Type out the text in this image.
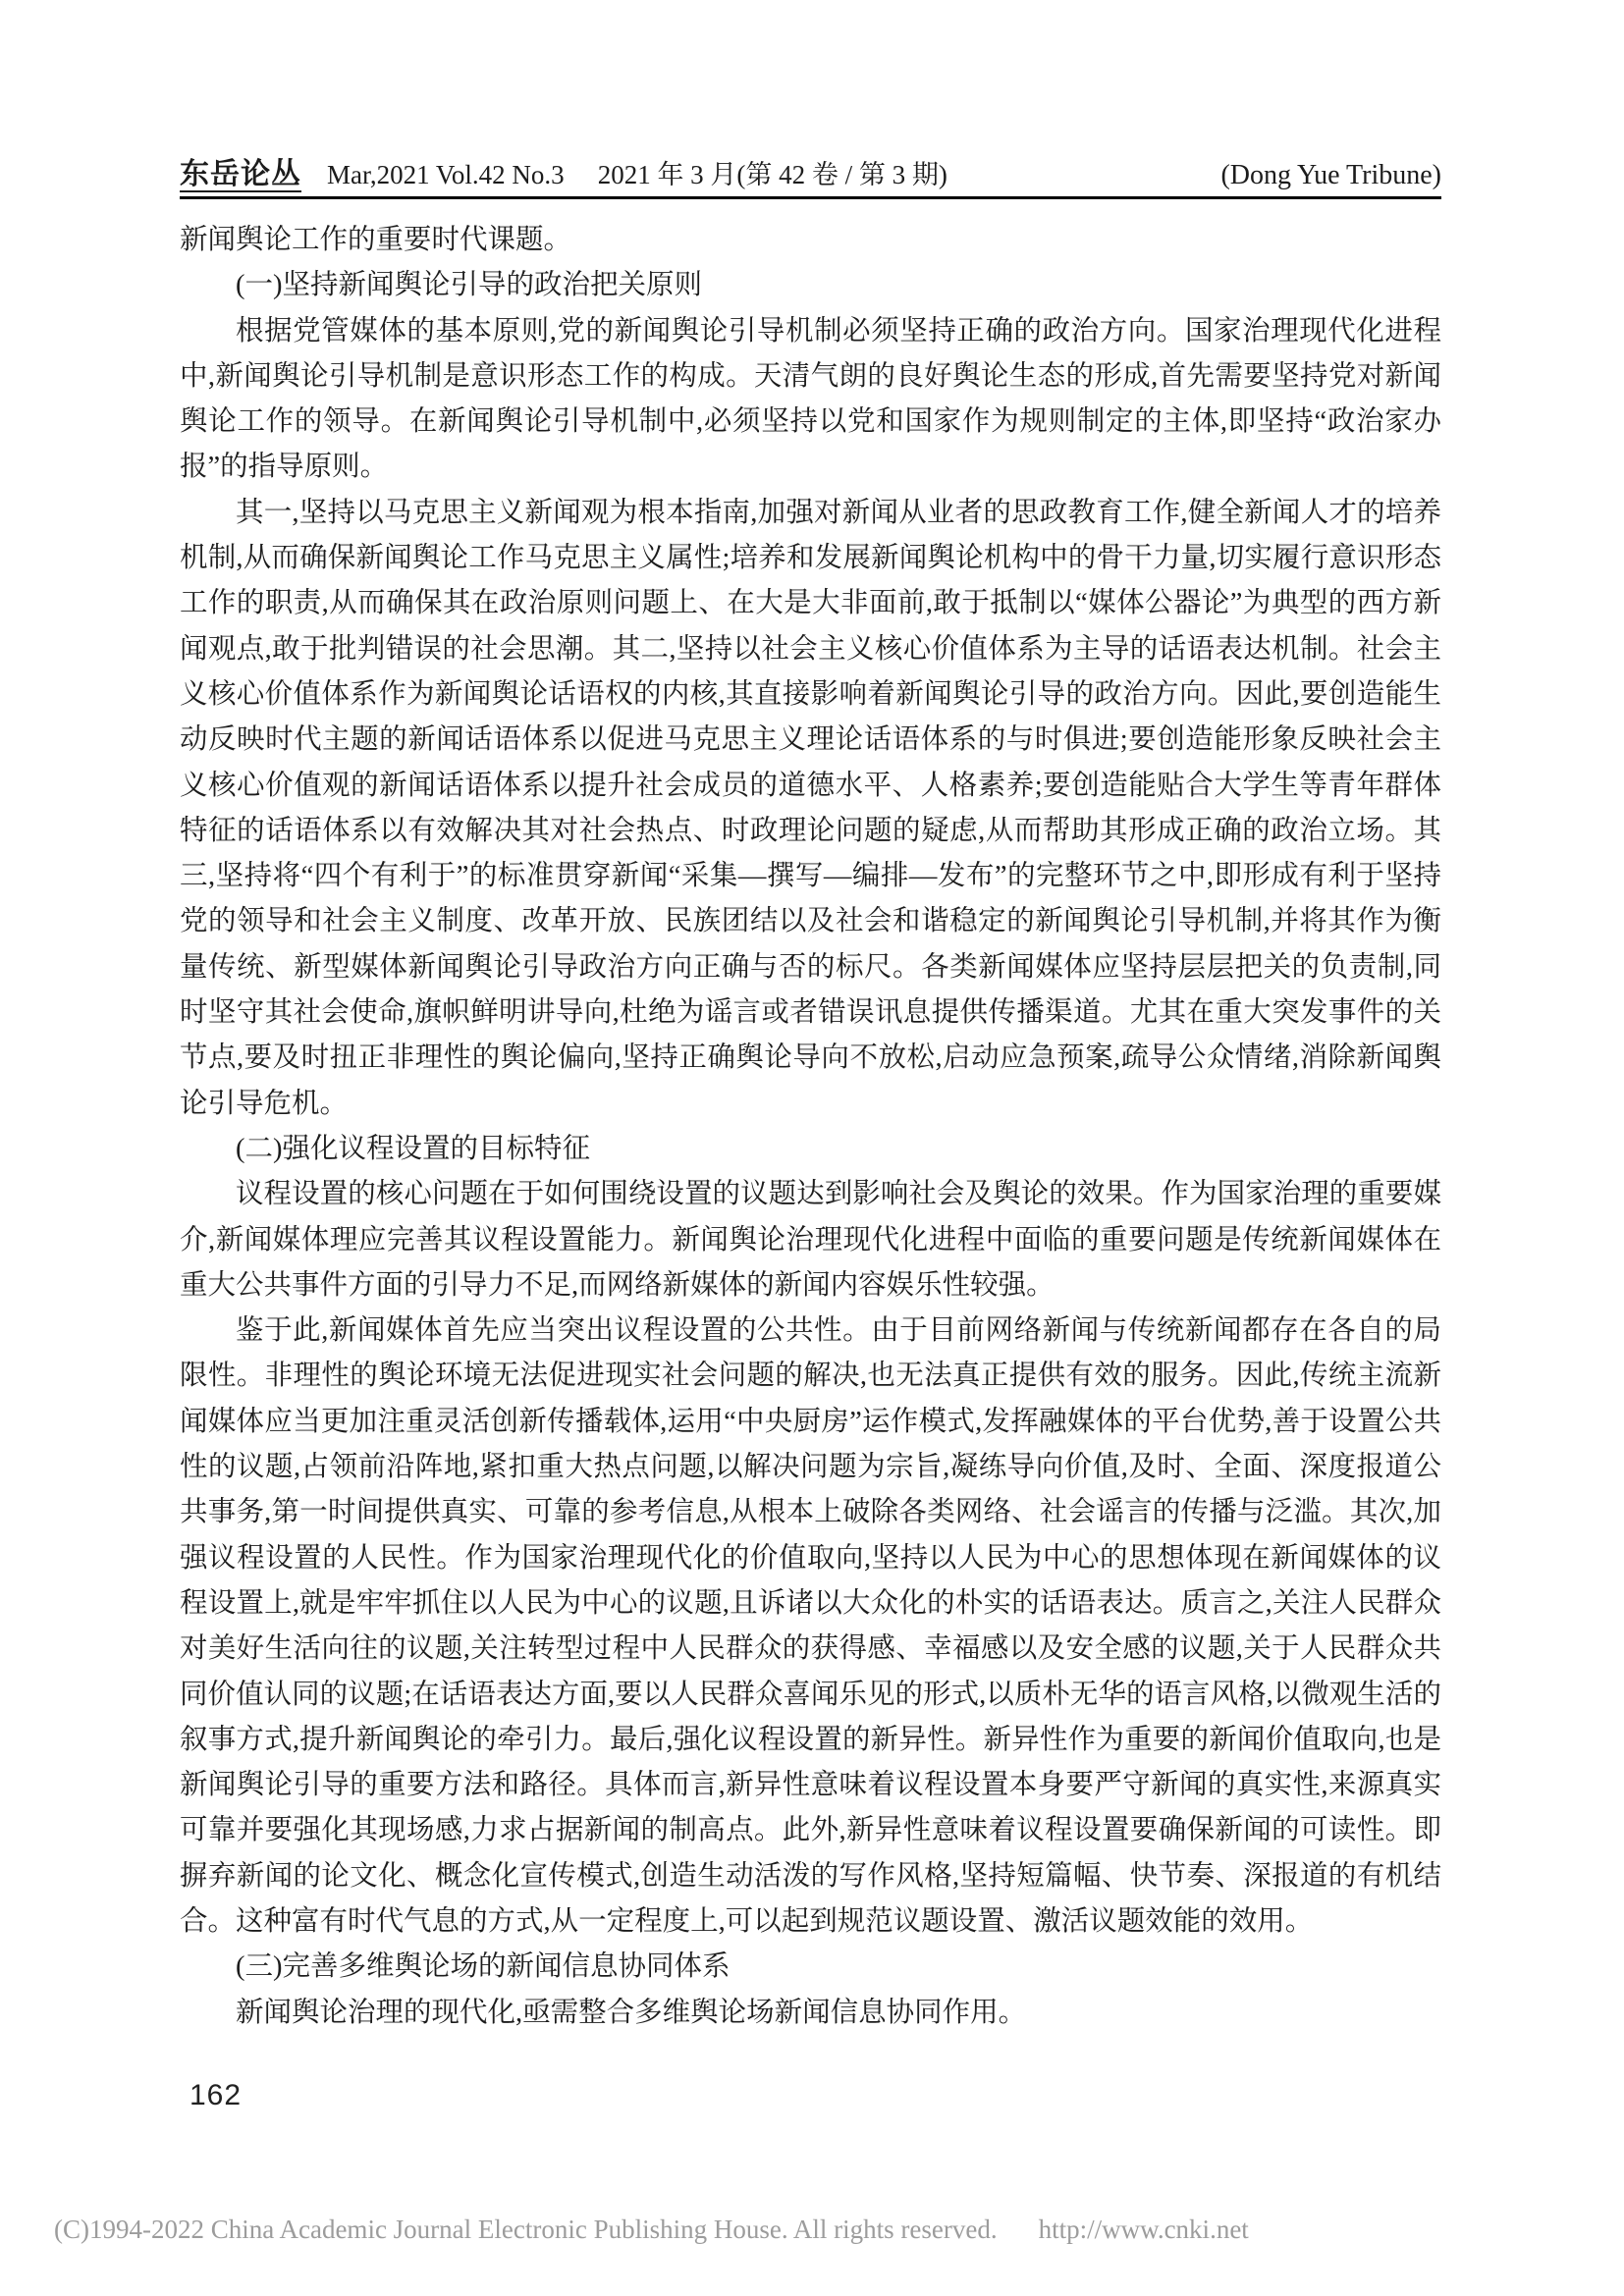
东岳论丛 Mar,2021 Vol.42 No.3 2021 年 3 月(第 42 卷 / 第 3 期)	(Dong Yue Tribune)

新闻舆论工作的重要时代课题。

(一)坚持新闻舆论引导的政治把关原则

根据党管媒体的基本原则,党的新闻舆论引导机制必须坚持正确的政治方向。国家治理现代化进程中,新闻舆论引导机制是意识形态工作的构成。天清气朗的良好舆论生态的形成,首先需要坚持党对新闻舆论工作的领导。在新闻舆论引导机制中,必须坚持以党和国家作为规则制定的主体,即坚持“政治家办报”的指导原则。

其一,坚持以马克思主义新闻观为根本指南,加强对新闻从业者的思政教育工作,健全新闻人才的培养机制,从而确保新闻舆论工作马克思主义属性;培养和发展新闻舆论机构中的骨干力量,切实履行意识形态工作的职责,从而确保其在政治原则问题上、在大是大非面前,敢于抵制以“媒体公器论”为典型的西方新闻观点,敢于批判错误的社会思潮。其二,坚持以社会主义核心价值体系为主导的话语表达机制。社会主义核心价值体系作为新闻舆论话语权的内核,其直接影响着新闻舆论引导的政治方向。因此,要创造能生动反映时代主题的新闻话语体系以促进马克思主义理论话语体系的与时俱进;要创造能形象反映社会主义核心价值观的新闻话语体系以提升社会成员的道德水平、人格素养;要创造能贴合大学生等青年群体特征的话语体系以有效解决其对社会热点、时政理论问题的疑虑,从而帮助其形成正确的政治立场。其三,坚持将“四个有利于”的标准贯穿新闻“采集—撰写—编排—发布”的完整环节之中,即形成有利于坚持党的领导和社会主义制度、改革开放、民族团结以及社会和谐稳定的新闻舆论引导机制,并将其作为衡量传统、新型媒体新闻舆论引导政治方向正确与否的标尺。各类新闻媒体应坚持层层把关的负责制,同时坚守其社会使命,旗帜鲜明讲导向,杜绝为谣言或者错误讯息提供传播渠道。尤其在重大突发事件的关节点,要及时扭正非理性的舆论偏向,坚持正确舆论导向不放松,启动应急预案,疏导公众情绪,消除新闻舆论引导危机。

(二)强化议程设置的目标特征

议程设置的核心问题在于如何围绕设置的议题达到影响社会及舆论的效果。作为国家治理的重要媒介,新闻媒体理应完善其议程设置能力。新闻舆论治理现代化进程中面临的重要问题是传统新闻媒体在重大公共事件方面的引导力不足,而网络新媒体的新闻内容娱乐性较强。

鉴于此,新闻媒体首先应当突出议程设置的公共性。由于目前网络新闻与传统新闻都存在各自的局限性。非理性的舆论环境无法促进现实社会问题的解决,也无法真正提供有效的服务。因此,传统主流新闻媒体应当更加注重灵活创新传播载体,运用“中央厨房”运作模式,发挥融媒体的平台优势,善于设置公共性的议题,占领前沿阵地,紧扣重大热点问题,以解决问题为宗旨,凝练导向价值,及时、全面、深度报道公共事务,第一时间提供真实、可靠的参考信息,从根本上破除各类网络、社会谣言的传播与泛滥。其次,加强议程设置的人民性。作为国家治理现代化的价值取向,坚持以人民为中心的思想体现在新闻媒体的议程设置上,就是牢牢抓住以人民为中心的议题,且诉诸以大众化的朴实的话语表达。质言之,关注人民群众对美好生活向往的议题,关注转型过程中人民群众的获得感、幸福感以及安全感的议题,关于人民群众共同价值认同的议题;在话语表达方面,要以人民群众喜闻乐见的形式,以质朴无华的语言风格,以微观生活的叙事方式,提升新闻舆论的牵引力。最后,强化议程设置的新异性。新异性作为重要的新闻价值取向,也是新闻舆论引导的重要方法和路径。具体而言,新异性意味着议程设置本身要严守新闻的真实性,来源真实可靠并要强化其现场感,力求占据新闻的制高点。此外,新异性意味着议程设置要确保新闻的可读性。即摒弃新闻的论文化、概念化宣传模式,创造生动活泼的写作风格,坚持短篇幅、快节奏、深报道的有机结合。这种富有时代气息的方式,从一定程度上,可以起到规范议题设置、激活议题效能的效用。

(三)完善多维舆论场的新闻信息协同体系

新闻舆论治理的现代化,亟需整合多维舆论场新闻信息协同作用。

162
(C)1994-2022 China Academic Journal Electronic Publishing House. All rights reserved. http://www.cnki.net
